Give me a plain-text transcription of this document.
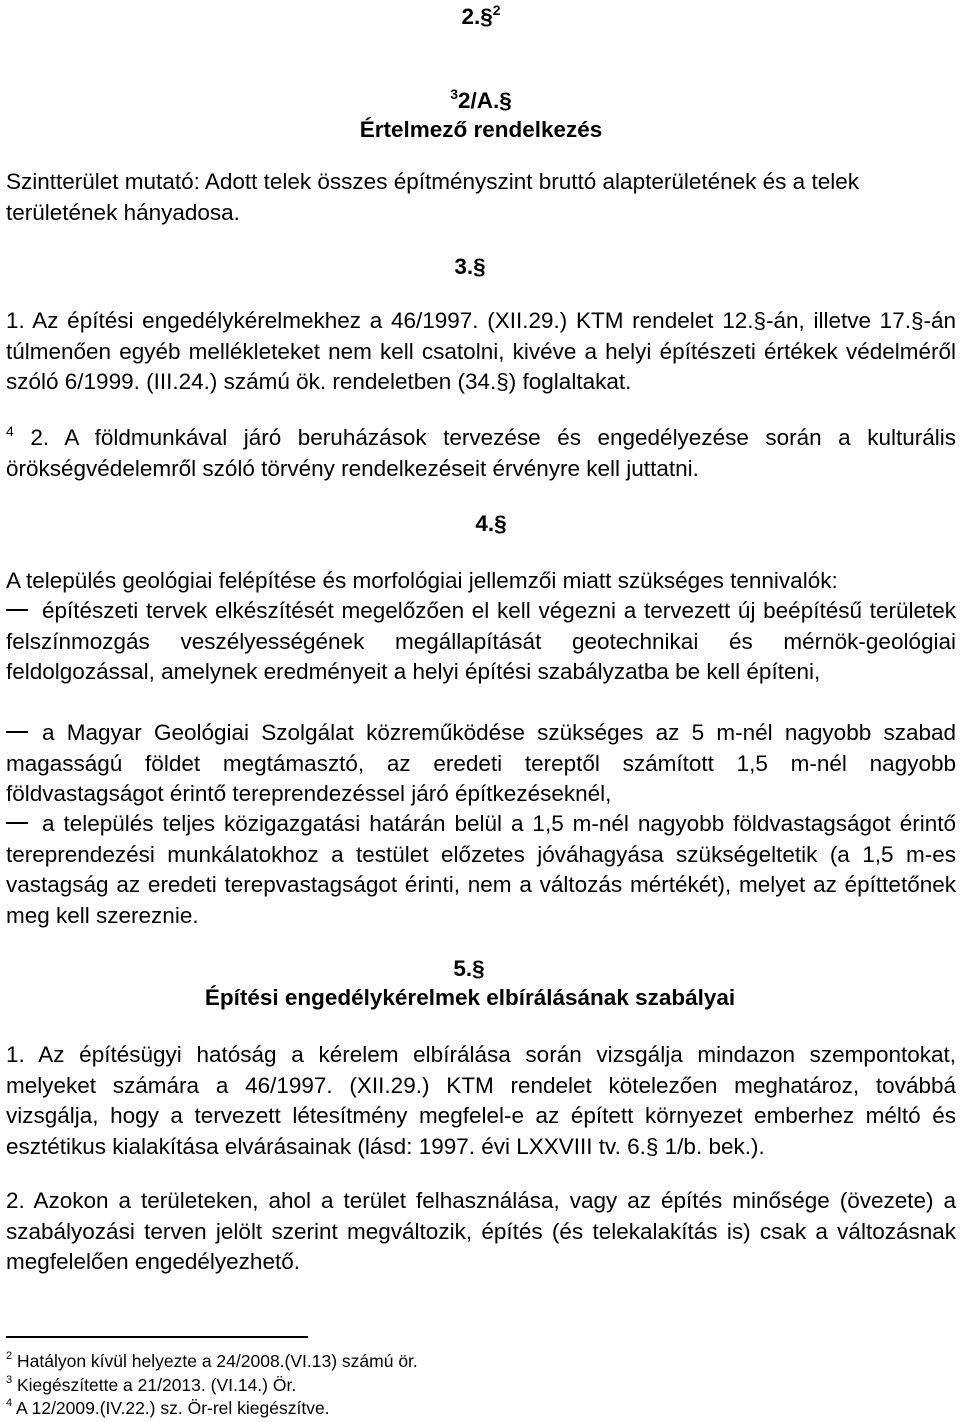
2.§$^2$
$^3$2/A.§
Értelmező rendelkezés
Szintterület mutató: Adott telek összes építményszint bruttó alapterületének és a telek területének hányadosa.
3.§
1. Az építési engedélykérelmekhez a 46/1997. (XII.29.) KTM rendelet 12.§-án, illetve 17.§-án túlmenően egyéb mellékleteket nem kell csatolni, kivéve a helyi építészeti értékek védelméről szóló 6/1999. (III.24.) számú ök. rendeletben (34.§) foglaltakat.
$^4$ 2. A földmunkával járó beruházások tervezése és engedélyezése során a kulturális örökségvédelemről szóló törvény rendelkezéseit érvényre kell juttatni.
4.§
A település geológiai felépítése és morfológiai jellemzői miatt szükséges tennivalók:
építészeti tervek elkészítését megelőzően el kell végezni a tervezett új beépítésű területek felszínmozgás veszélyességének megállapítását geotechnikai és mérnök-geológiai feldolgozással, amelynek eredményeit a helyi építési szabályzatba be kell építeni,
a Magyar Geológiai Szolgálat közreműködése szükséges az 5 m-nél nagyobb szabad magasságú földet megtámasztó, az eredeti tereptől számított 1,5 m-nél nagyobb földvastagságot érintő tereprendezéssel járó építkezéseknél,
a település teljes közigazgatási határán belül a 1,5 m-nél nagyobb földvastagságot érintő tereprendezési munkálatokhoz a testület előzetes jóváhagyása szükségeltetik (a 1,5 m-es vastagság az eredeti terepvastagságot érinti, nem a változás mértékét), melyet az építtetőnek meg kell szereznie.
5.§
Építési engedélykérelmek elbírálásának szabályai
1. Az építésügyi hatóság a kérelem elbírálása során vizsgálja mindazon szempontokat, melyeket számára a 46/1997. (XII.29.) KTM rendelet kötelezően meghatároz, továbbá vizsgálja, hogy a tervezett létesítmény megfelel-e az épített környezet emberhez méltó és esztétikus kialakítása elvárásainak (lásd: 1997. évi LXXVIII tv. 6.§ 1/b. bek.).
2. Azokon a területeken, ahol a terület felhasználása, vagy az építés minősége (övezete) a szabályozási terven jelölt szerint megváltozik, építés (és telekalakítás is) csak a változásnak megfelelően engedélyezhető.
$^2$ Hatályon kívül helyezte a 24/2008.(VI.13) számú ör.
$^3$ Kiegészítette a 21/2013. (VI.14.) Ör.
$^4$ A 12/2009.(IV.22.) sz. Ör-rel kiegészítve.
